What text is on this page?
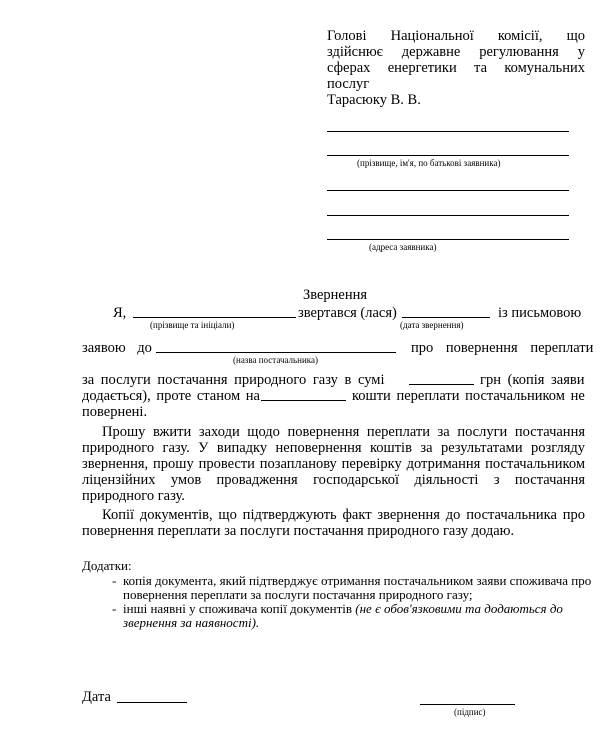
Голові Національної комісії, що
здійснює державне регулювання у
сферах енергетики та комунальних
послуг
Тарасюку В. В.
(прізвище, ім'я, по батькові заявника)
(адреса заявника)
Звернення
Я,	звертався (лася)	із письмовою
(прізвище та ініціали)	(дата звернення)
заявою до	про повернення переплати
(назва постачальника)
за послуги постачання природного газу в сумі	грн (копія заяви
додається), проте станом на	кошти переплати постачальником не
повернені.
Прошу вжити заходи щодо повернення переплати за послуги постачання
природного газу. У випадку неповернення коштів за результатами розгляду
звернення, прошу провести позапланову перевірку дотримання постачальником
ліцензійних умов провадження господарської діяльності з постачання
природного газу.
Копії документів, що підтверджують факт звернення до постачальника про
повернення переплати за послуги постачання природного газу додаю.
Додатки:
- копія документа, який підтверджує отримання постачальником заяви споживача про
повернення переплати за послуги постачання природного газу;
- інші наявні у споживача копії документів (не є обов'язковими та додаються до
звернення за наявності).
Дата
(підпис)
